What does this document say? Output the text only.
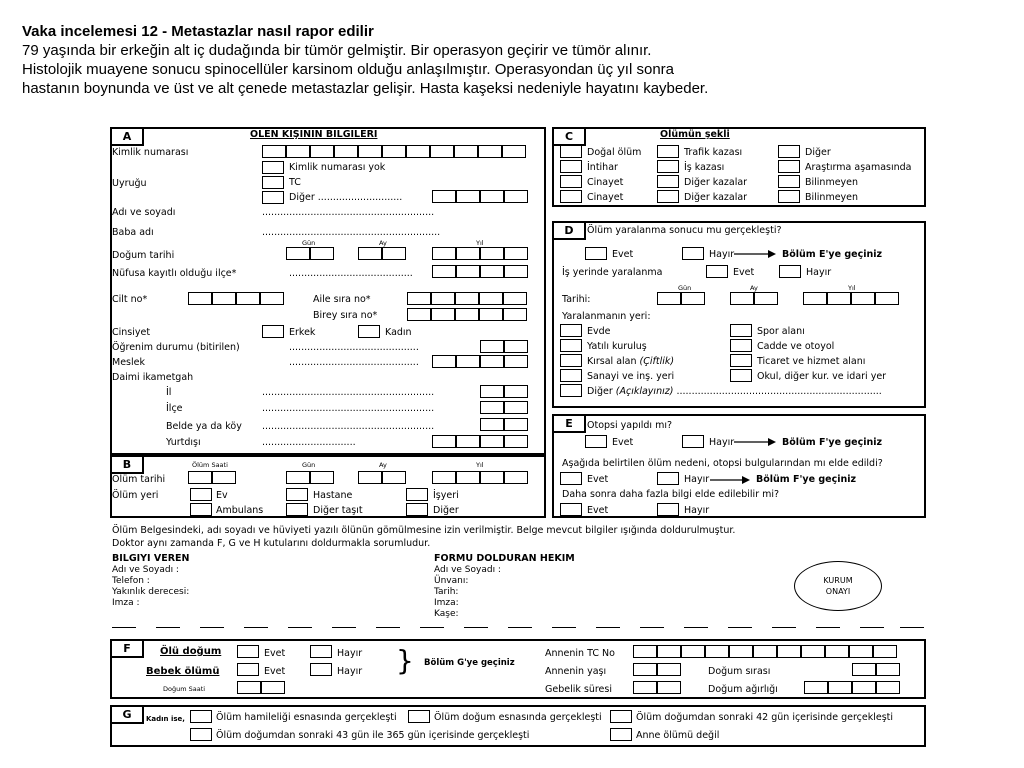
Vaka incelemesi 12 - Metastazlar nasıl rapor edilir
79 yaşında bir erkeğin alt iç dudağında bir tümör gelmiştir. Bir operasyon geçirir ve tümör alınır.
Histolojik muayene sonucu spinocellüler karsinom olduğu anlaşılmıştır. Operasyondan üç yıl sonra
hastanın boynunda ve üst ve alt çenede metastazlar gelişir. Hasta kaşeksi nedeniyle hayatını kaybeder.
A	ÖLEN KİŞİNİN BİLGİLERİ
Kimlik numarası
Kimlik numarası yok
Uyruğu	TC
Diğer ............................
Adı ve soyadı	.........................................................
Baba adı	...........................................................
Gün	Ay	Yıl
Doğum tarihi
Nüfusa kayıtlı olduğu ilçe*	.........................................
Cilt no*	Aile sıra no*
Birey sıra no*
Cinsiyet	Erkek	Kadın
Öğrenim durumu (bitirilen)	...........................................
Meslek	...........................................
Daimi ikametgah
İl	.........................................................
İlçe	.........................................................
Belde ya da köy .........................................................
Yurtdışı	...............................
B	Ölüm Saati	Gün	Ay	Yıl
Ölüm tarihi
Ölüm yeri	Ev	Hastane	İşyeri
Ambulans	Diğer taşıt	Diğer
C	Ölümün şekli
Doğal ölüm	Trafik kazası	Diğer
İntihar	İş kazası	Araştırma aşamasında
Cinayet	Diğer kazalar	Bilinmeyen
Cinayet	Diğer kazalar	Bilinmeyen
D	Ölüm yaralanma sonucu mu gerçekleşti?
Evet	Hayır	Bölüm E'ye geçiniz
İş yerinde yaralanma	Evet	Hayır
Gün	Ay	Yıl
Tarihi:
Yaralanmanın yeri:
Evde	Spor alanı
Yatılı kuruluş	Cadde ve otoyol
Kırsal alan (Çiftlik)	Ticaret ve hizmet alanı
Sanayi ve inş. yeri	Okul, diğer kur. ve idari yer
Diğer (Açıklayınız) ....................................................................
E	Otopsi yapıldı mı?
Evet	Hayır	Bölüm F'ye geçiniz
Aşağıda belirtilen ölüm nedeni, otopsi bulgularından mı elde edildi?
Evet	Hayır	Bölüm F'ye geçiniz
Daha sonra daha fazla bilgi elde edilebilir mi?
Evet	Hayır
Ölüm Belgesindeki, adı soyadı ve hüviyeti yazılı ölünün gömülmesine izin verilmiştir. Belge mevcut bilgiler ışığında doldurulmuştur.
Doktor aynı zamanda F, G ve H kutularını doldurmakla sorumludur.
BILGIYI VEREN
Adı ve Soyadı :
Telefon :
Yakınlık derecesi:
Imza :
FORMU DOLDURAN HEKIM
Adı ve Soyadı :
Ünvanı:
Tarih:
Imza:
Kaşe:
KURUM
ONAYI
F	Ölü doğum	Evet	Hayır
Bebek ölümü	Evet	Hayır } Bölüm G'ye geçiniz
Doğum Saati
Annenin TC No
Annenin yaşı	Doğum sırası
Gebelik süresi	Doğum ağırlığı
G	Kadın ise,	Ölüm hamileliği esnasında gerçekleşti	Ölüm doğum esnasında gerçekleşti	Ölüm doğumdan sonraki 42 gün içerisinde gerçekleşti
Ölüm doğumdan sonraki 43 gün ile 365 gün içerisinde gerçekleşti	Anne ölümü değil
